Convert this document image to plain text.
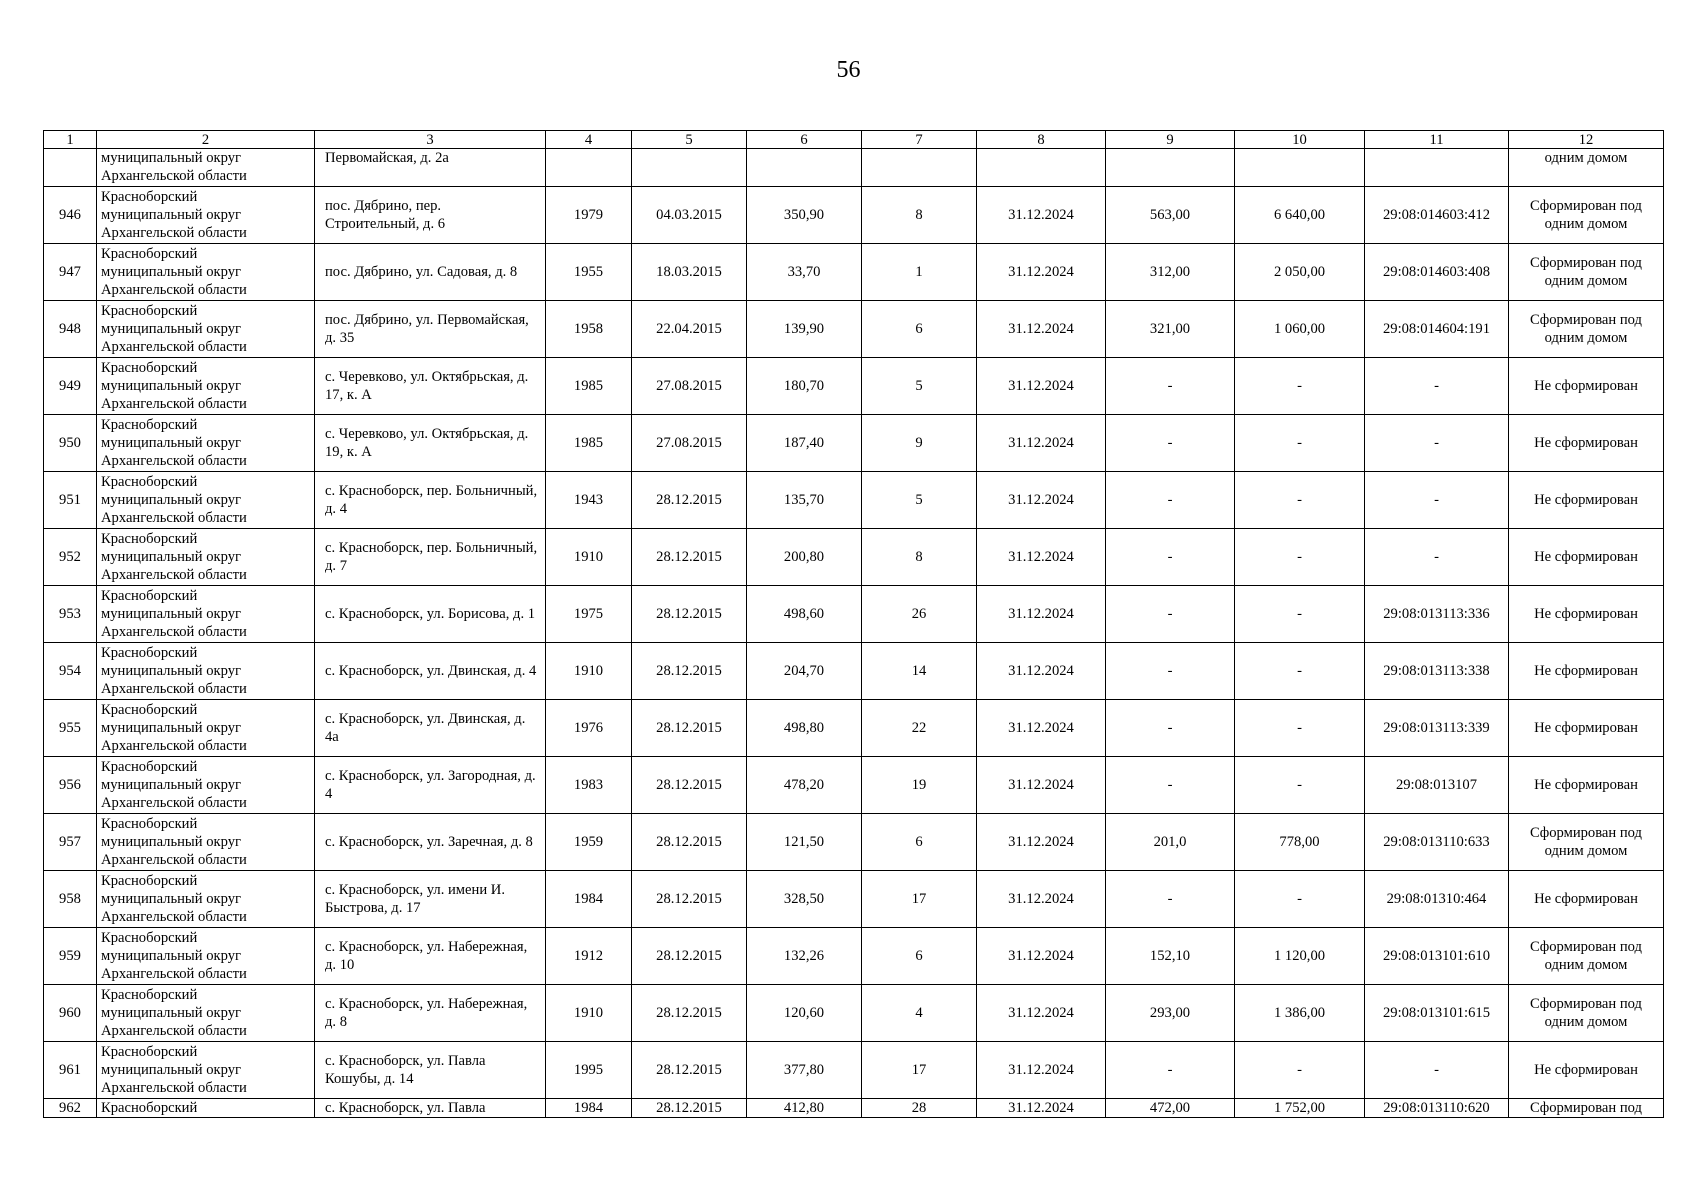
56
1	2	3	4	5	6	7	8	9	10	11	12
	муниципальный округ
Архангельской области	Первомайская, д. 2а									одним домом
946	Красноборский
муниципальный округ
Архангельской области	пос. Дябрино, пер. Строительный, д. 6	1979	04.03.2015	350,90	8	31.12.2024	563,00	6 640,00	29:08:014603:412	Сформирован под одним домом
947	Красноборский
муниципальный округ
Архангельской области	пос. Дябрино, ул. Садовая, д. 8	1955	18.03.2015	33,70	1	31.12.2024	312,00	2 050,00	29:08:014603:408	Сформирован под одним домом
948	Красноборский
муниципальный округ
Архангельской области	пос. Дябрино, ул. Первомайская, д. 35	1958	22.04.2015	139,90	6	31.12.2024	321,00	1 060,00	29:08:014604:191	Сформирован под одним домом
949	Красноборский
муниципальный округ
Архангельской области	с. Черевково, ул. Октябрьская, д. 17, к. А	1985	27.08.2015	180,70	5	31.12.2024	-	-	-	Не сформирован
950	Красноборский
муниципальный округ
Архангельской области	с. Черевково, ул. Октябрьская, д. 19, к. А	1985	27.08.2015	187,40	9	31.12.2024	-	-	-	Не сформирован
951	Красноборский
муниципальный округ
Архангельской области	с. Красноборск, пер. Больничный, д. 4	1943	28.12.2015	135,70	5	31.12.2024	-	-	-	Не сформирован
952	Красноборский
муниципальный округ
Архангельской области	с. Красноборск, пер. Больничный, д. 7	1910	28.12.2015	200,80	8	31.12.2024	-	-	-	Не сформирован
953	Красноборский
муниципальный округ
Архангельской области	с. Красноборск, ул. Борисова, д. 1	1975	28.12.2015	498,60	26	31.12.2024	-	-	29:08:013113:336	Не сформирован
954	Красноборский
муниципальный округ
Архангельской области	с. Красноборск, ул. Двинская, д. 4	1910	28.12.2015	204,70	14	31.12.2024	-	-	29:08:013113:338	Не сформирован
955	Красноборский
муниципальный округ
Архангельской области	с. Красноборск, ул. Двинская, д. 4а	1976	28.12.2015	498,80	22	31.12.2024	-	-	29:08:013113:339	Не сформирован
956	Красноборский
муниципальный округ
Архангельской области	с. Красноборск, ул. Загородная, д. 4	1983	28.12.2015	478,20	19	31.12.2024	-	-	29:08:013107	Не сформирован
957	Красноборский
муниципальный округ
Архангельской области	с. Красноборск, ул. Заречная, д. 8	1959	28.12.2015	121,50	6	31.12.2024	201,0	778,00	29:08:013110:633	Сформирован под одним домом
958	Красноборский
муниципальный округ
Архангельской области	с. Красноборск, ул. имени И. Быстрова, д. 17	1984	28.12.2015	328,50	17	31.12.2024	-	-	29:08:01310:464	Не сформирован
959	Красноборский
муниципальный округ
Архангельской области	с. Красноборск, ул. Набережная, д. 10	1912	28.12.2015	132,26	6	31.12.2024	152,10	1 120,00	29:08:013101:610	Сформирован под одним домом
960	Красноборский
муниципальный округ
Архангельской области	с. Красноборск, ул. Набережная, д. 8	1910	28.12.2015	120,60	4	31.12.2024	293,00	1 386,00	29:08:013101:615	Сформирован под одним домом
961	Красноборский
муниципальный округ
Архангельской области	с. Красноборск, ул. Павла Кошубы, д. 14	1995	28.12.2015	377,80	17	31.12.2024	-	-	-	Не сформирован
962	Красноборский	с. Красноборск, ул. Павла	1984	28.12.2015	412,80	28	31.12.2024	472,00	1 752,00	29:08:013110:620	Сформирован под
